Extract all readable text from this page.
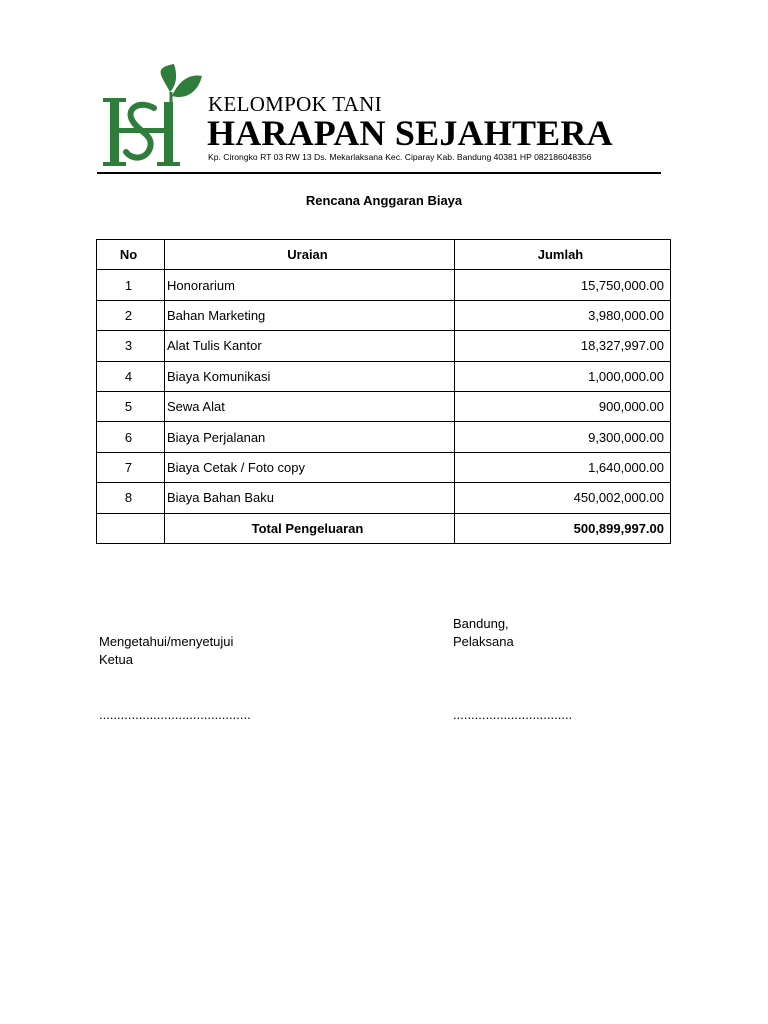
KELOMPOK TANI
HARAPAN SEJAHTERA
Kp. Cirongko RT 03 RW 13 Ds. Mekarlaksana Kec. Ciparay Kab. Bandung 40381 HP 082186048356
Rencana Anggaran Biaya
No	Uraian	Jumlah
1	Honorarium	15,750,000.00
2	Bahan Marketing	3,980,000.00
3	Alat Tulis Kantor	18,327,997.00
4	Biaya Komunikasi	1,000,000.00
5	Sewa Alat	900,000.00
6	Biaya Perjalanan	9,300,000.00
7	Biaya Cetak / Foto copy	1,640,000.00
8	Biaya Bahan Baku	450,002,000.00
	Total Pengeluaran	500,899,997.00
Bandung,
Pelaksana
Mengetahui/menyetujui
Ketua
..........................................	.................................
